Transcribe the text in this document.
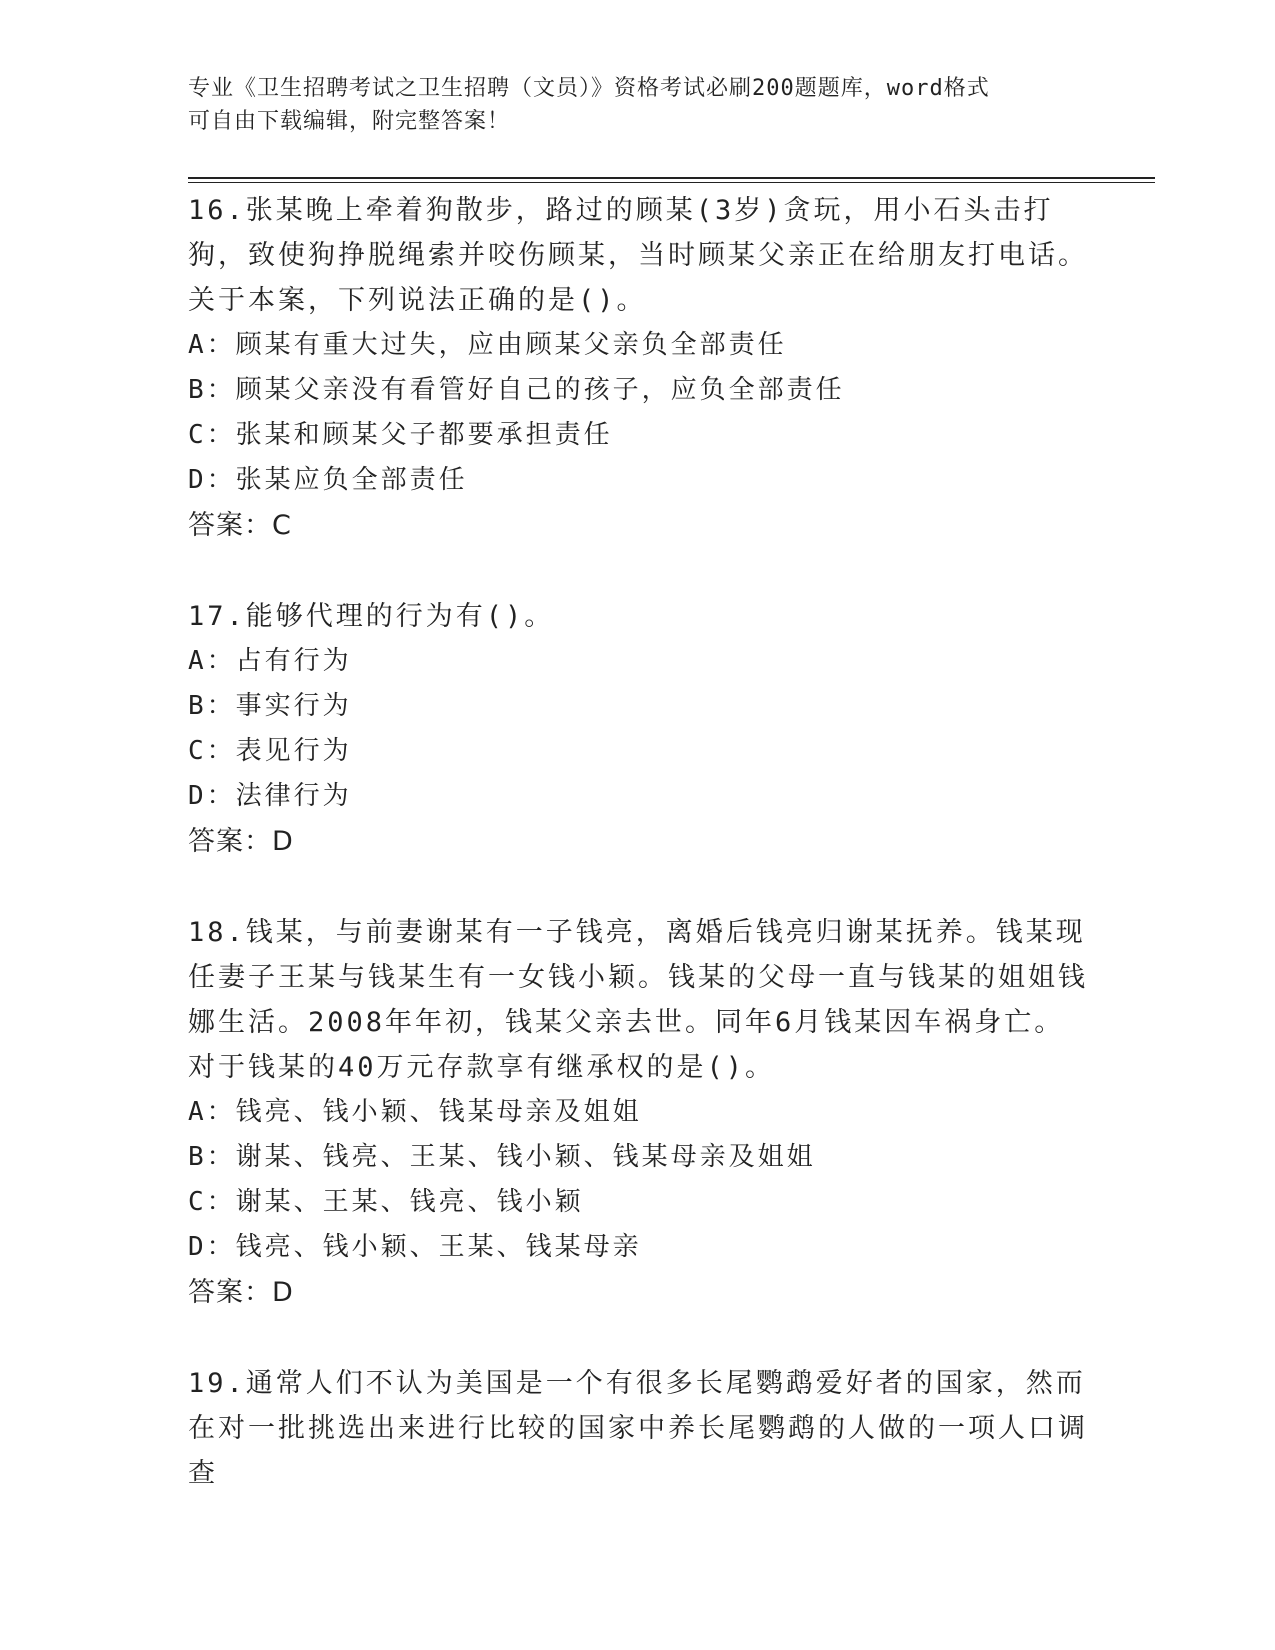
专业《卫生招聘考试之卫生招聘（文员）》资格考试必刷200题题库，word格式
可自由下载编辑，附完整答案！

16.张某晚上牵着狗散步，路过的顾某(3岁)贪玩，用小石头击打狗，致使狗挣脱绳索并咬伤顾某，当时顾某父亲正在给朋友打电话。关于本案，下列说法正确的是()。

A：顾某有重大过失，应由顾某父亲负全部责任

B：顾某父亲没有看管好自己的孩子，应负全部责任

C：张某和顾某父子都要承担责任

D：张某应负全部责任

答案：C

17.能够代理的行为有()。

A：占有行为

B：事实行为

C：表见行为

D：法律行为

答案：D

18.钱某，与前妻谢某有一子钱亮，离婚后钱亮归谢某抚养。钱某现任妻子王某与钱某生有一女钱小颖。钱某的父母一直与钱某的姐姐钱娜生活。2008年年初，钱某父亲去世。同年6月钱某因车祸身亡。对于钱某的40万元存款享有继承权的是()。

A：钱亮、钱小颖、钱某母亲及姐姐

B：谢某、钱亮、王某、钱小颖、钱某母亲及姐姐

C：谢某、王某、钱亮、钱小颖

D：钱亮、钱小颖、王某、钱某母亲

答案：D

19.通常人们不认为美国是一个有很多长尾鹦鹉爱好者的国家，然而在对一批挑选出来进行比较的国家中养长尾鹦鹉的人做的一项人口调查
